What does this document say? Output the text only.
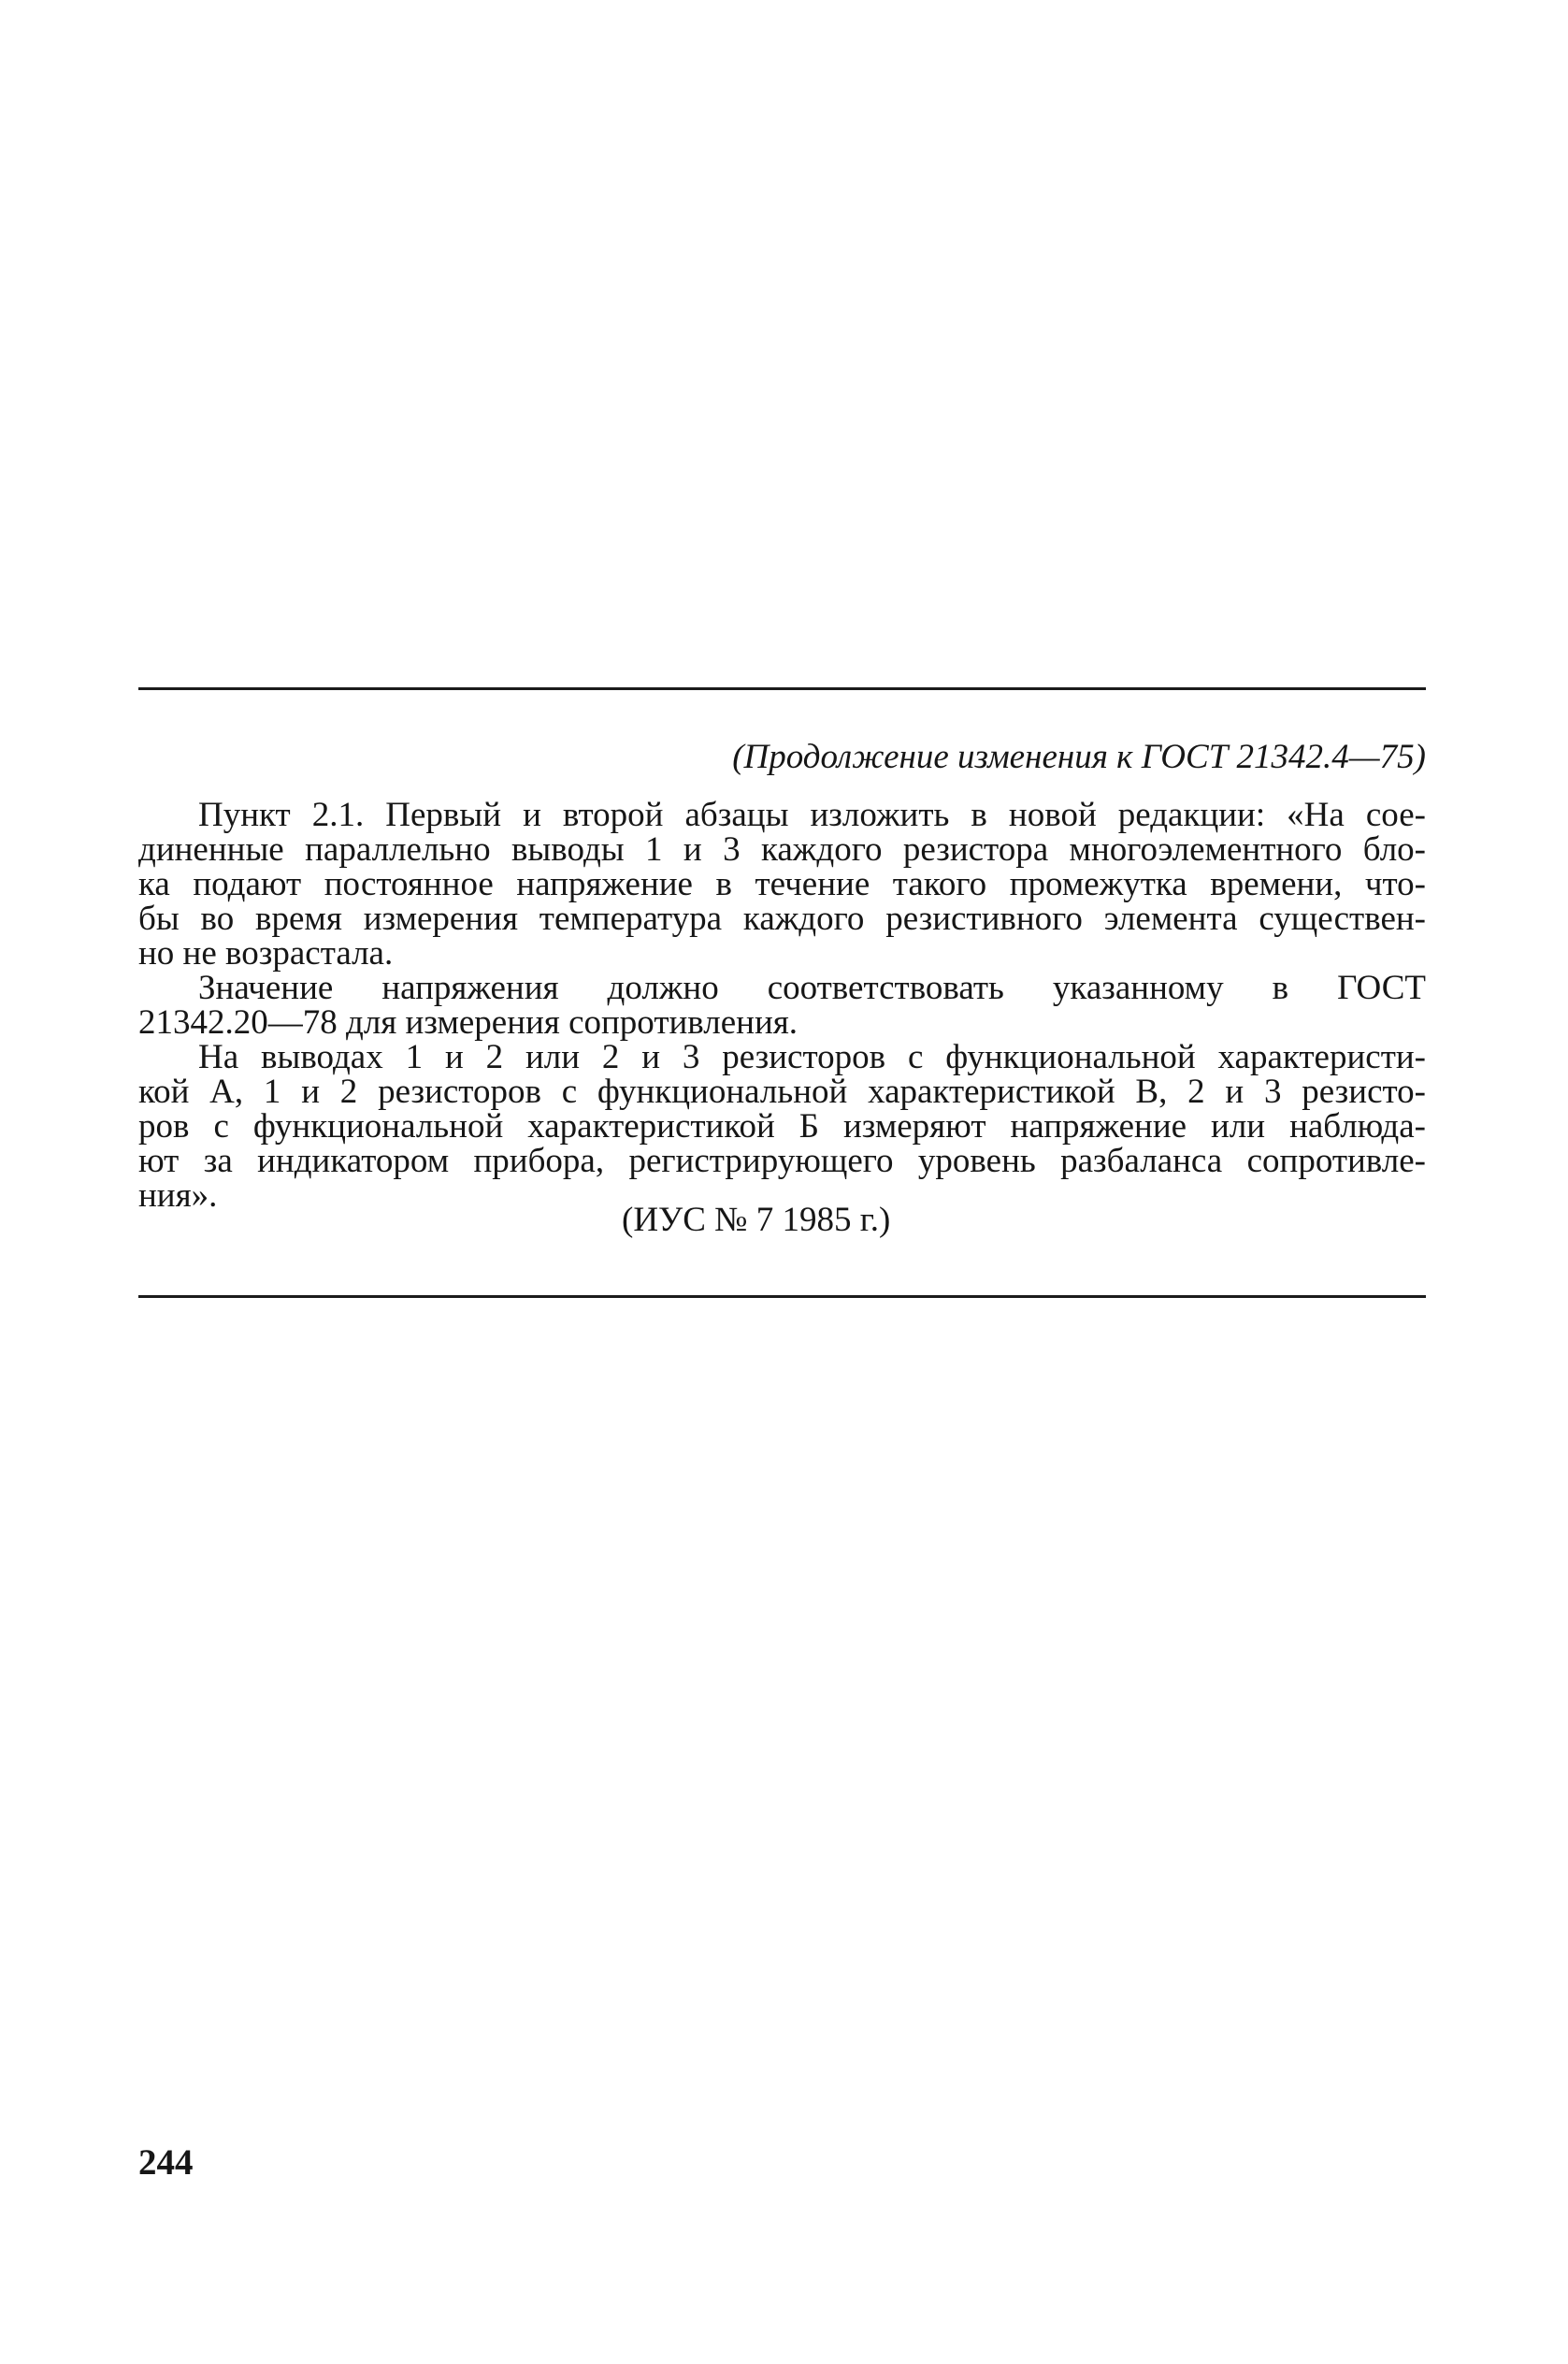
(Продолжение изменения к ГОСТ 21342.4—75)
Пункт 2.1. Первый и второй абзацы изложить в новой редакции: «На сое-
диненные параллельно выводы 1 и 3 каждого резистора многоэлементного бло-
ка подают постоянное напряжение в течение такого промежутка времени, что-
бы во время измерения температура каждого резистивного элемента существен-
но не возрастала.
Значение напряжения должно соответствовать указанному в ГОСТ
21342.20—78 для измерения сопротивления.
На выводах 1 и 2 или 2 и 3 резисторов с функциональной характеристи-
кой А, 1 и 2 резисторов с функциональной характеристикой В, 2 и 3 резисто-
ров с функциональной характеристикой Б измеряют напряжение или наблюда-
ют за индикатором прибора, регистрирующего уровень разбаланса сопротивле-
ния».
(ИУС № 7 1985 г.)
244
